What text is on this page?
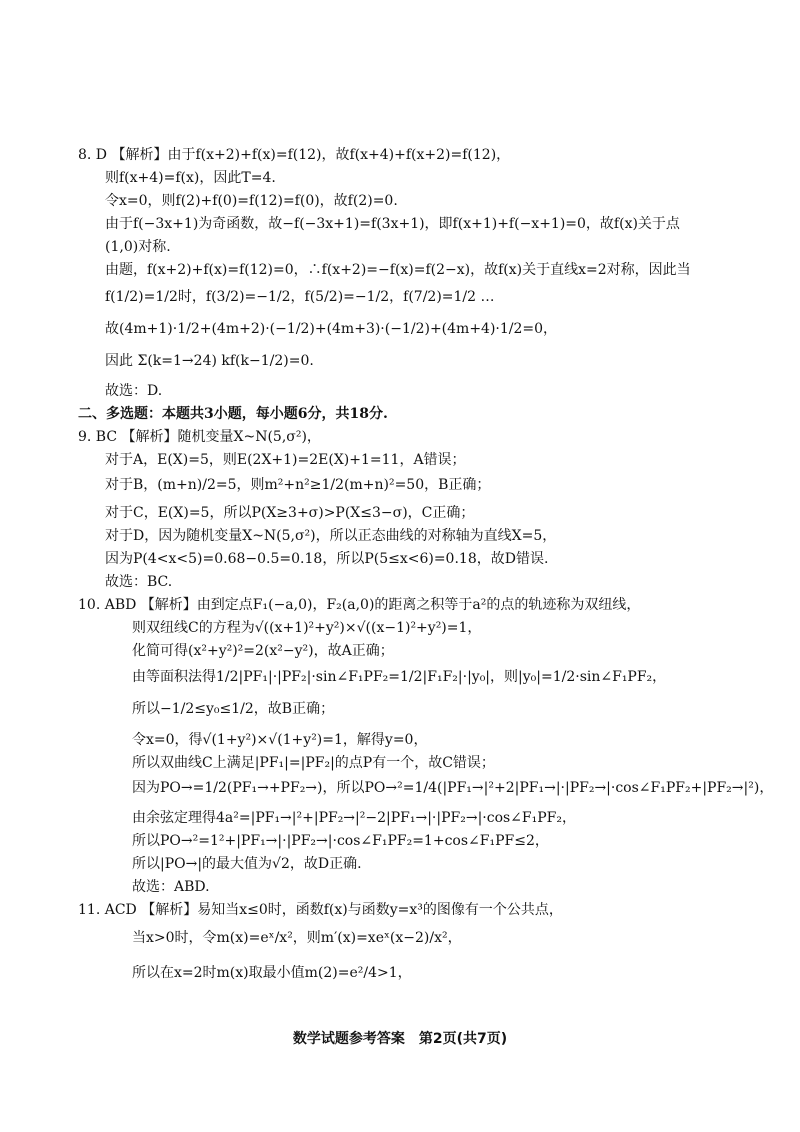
8. D 【解析】由于f(x+2)+f(x)=f(12)，故f(x+4)+f(x+2)=f(12)，
则f(x+4)=f(x)，因此T=4.
令x=0，则f(2)+f(0)=f(12)=f(0)，故f(2)=0.
由于f(−3x+1)为奇函数，故−f(−3x+1)=f(3x+1)，即f(x+1)+f(−x+1)=0，故f(x)关于点
(1,0)对称.
由题，f(x+2)+f(x)=f(12)=0，∴f(x+2)=−f(x)=f(2−x)，故f(x)关于直线x=2对称，因此当
f(1/2)=1/2时，f(3/2)=−1/2，f(5/2)=−1/2，f(7/2)=1/2 …
故(4m+1)·1/2+(4m+2)·(−1/2)+(4m+3)·(−1/2)+(4m+4)·1/2=0，
因此 Σ(k=1→24) kf(k−1/2)=0.
故选：D.
二、多选题：本题共3小题，每小题6分，共18分.
9. BC 【解析】随机变量X~N(5,σ²)，
对于A，E(X)=5，则E(2X+1)=2E(X)+1=11，A错误；
对于B，(m+n)/2=5，则m²+n²≥1/2(m+n)²=50，B正确；
对于C，E(X)=5，所以P(X≥3+σ)>P(X≤3−σ)，C正确；
对于D，因为随机变量X~N(5,σ²)，所以正态曲线的对称轴为直线X=5，
因为P(4<x<5)=0.68−0.5=0.18，所以P(5≤x<6)=0.18，故D错误.
故选：BC.
10. ABD 【解析】由到定点F₁(−a,0)，F₂(a,0)的距离之积等于a²的点的轨迹称为双纽线，
则双纽线C的方程为√((x+1)²+y²)×√((x−1)²+y²)=1，
化简可得(x²+y²)²=2(x²−y²)，故A正确；
由等面积法得1/2|PF₁|·|PF₂|·sin∠F₁PF₂=1/2|F₁F₂|·|y₀|，则|y₀|=1/2·sin∠F₁PF₂，
所以−1/2≤y₀≤1/2，故B正确；
令x=0，得√(1+y²)×√(1+y²)=1，解得y=0，
所以双曲线C上满足|PF₁|=|PF₂|的点P有一个，故C错误；
因为PO→=1/2(PF₁→+PF₂→)，所以PO→²=1/4(|PF₁→|²+2|PF₁→|·|PF₂→|·cos∠F₁PF₂+|PF₂→|²)，
由余弦定理得4a²=|PF₁→|²+|PF₂→|²−2|PF₁→|·|PF₂→|·cos∠F₁PF₂，
所以PO→²=1²+|PF₁→|·|PF₂→|·cos∠F₁PF₂=1+cos∠F₁PF≤2，
所以|PO→|的最大值为√2，故D正确.
故选：ABD.
11. ACD 【解析】易知当x≤0时，函数f(x)与函数y=x³的图像有一个公共点，
当x>0时，令m(x)=eˣ/x²，则m′(x)=xeˣ(x−2)/x²，
所以在x=2时m(x)取最小值m(2)=e²/4>1，
数学试题参考答案　第2页(共7页)
